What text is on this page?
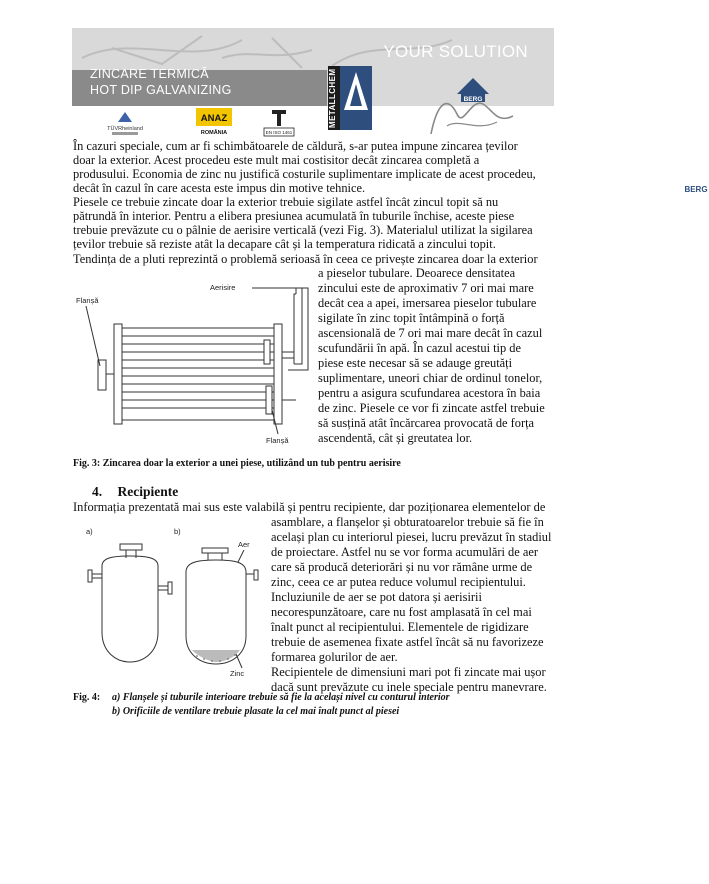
ZINCARE TERMICĂ
HOT DIP GALVANIZING
YOUR SOLUTION
METALLCHEM
BERG
TÜVRheinland
ANAZ
ROMÂNIA	EN ISO 1461
BERG

În cazuri speciale, cum ar fi schimbătoarele de căldură, s-ar putea impune zincarea țevilor

doar la exterior. Acest procedeu este mult mai costisitor decât zincarea completă a

produsului. Economia de zinc nu justifică costurile suplimentare implicate de acest procedeu,

decât în cazul în care acesta este impus din motive tehnice.

Piesele ce trebuie zincate doar la exterior trebuie sigilate astfel încât zincul topit să nu

pătrundă în interior. Pentru a elibera presiunea acumulată în tuburile închise, aceste piese

trebuie prevăzute cu o pâlnie de aerisire verticală (vezi Fig. 3). Materialul utilizat la sigilarea

țevilor trebuie să reziste atât la decapare cât și la temperatura ridicată a zincului topit.

Tendința de a pluti reprezintă o problemă serioasă în ceea ce privește zincarea doar la exterior

a pieselor tubulare. Deoarece densitatea

zincului este de aproximativ 7 ori mai mare

decât cea a apei, imersarea pieselor tubulare

sigilate în zinc topit întâmpină o forță

ascensională de 7 ori mai mare decât în cazul

scufundării în apă. În cazul acestui tip de

piese este necesar să se adauge greutăți

suplimentare, uneori chiar de ordinul tonelor,

pentru a asigura scufundarea acestora în baia

de zinc. Piesele ce vor fi zincate astfel trebuie

să susțină atât încărcarea provocată de forța

ascendentă, cât și greutatea lor.

Flanșă
Aerisire
Flanșă
Fig. 3: Zincarea doar la exterior a unei piese, utilizând un tub pentru aerisire
4. Recipiente

Informația prezentată mai sus este valabilă și pentru recipiente, dar poziționarea elementelor de

asamblare, a flanșelor și obturatoarelor trebuie să fie în

același plan cu interiorul piesei, lucru prevăzut în stadiul

de proiectare. Astfel nu se vor forma acumulări de aer

care să producă deteriorări și nu vor rămâne urme de

zinc, ceea ce ar putea reduce volumul recipientului.

Incluziunile de aer se pot datora și aerisirii

necorespunzătoare, care nu fost amplasată în cel mai

înalt punct al recipientului. Elementele de rigidizare

trebuie de asemenea fixate astfel încât să nu favorizeze

formarea golurilor de aer.

Recipientele de dimensiuni mari pot fi zincate mai ușor

dacă sunt prevăzute cu inele speciale pentru manevrare.

a)	b)
Aer
Zinc
Fig. 4: a) Flanșele și tuburile interioare trebuie să fie la același nivel cu conturul interior
b) Orificiile de ventilare trebuie plasate la cel mai înalt punct al piesei
